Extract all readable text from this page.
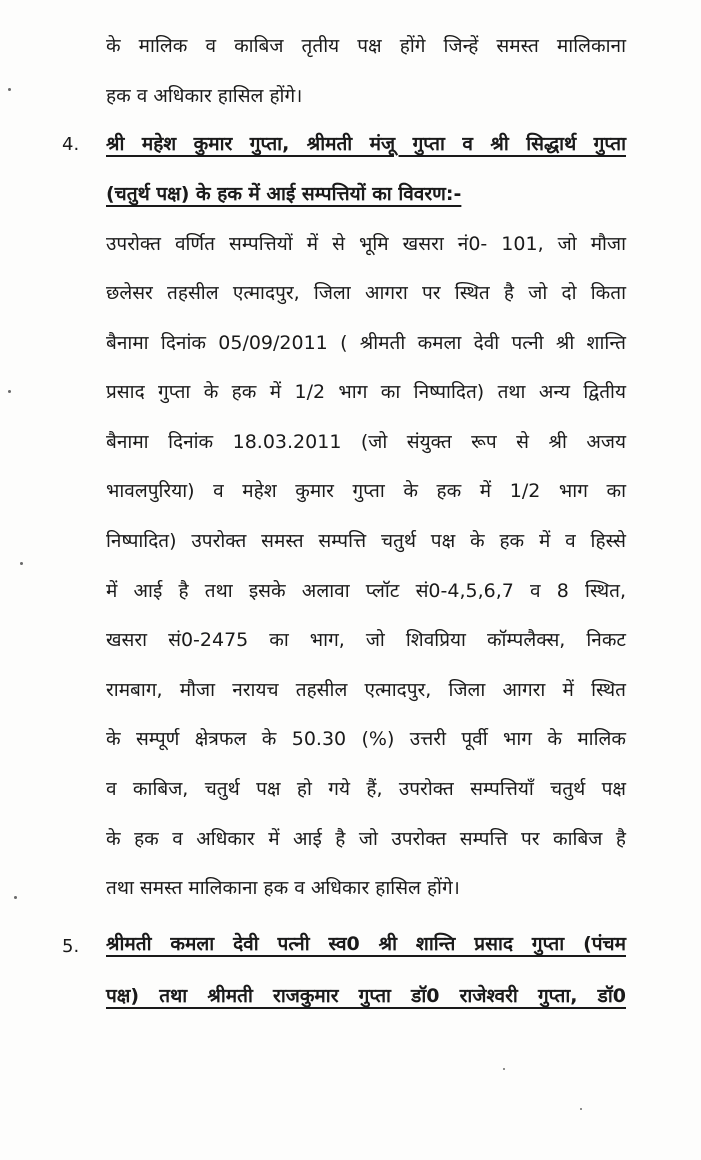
के मालिक व काबिज तृतीय पक्ष होंगे जिन्हें समस्त मालिकाना
हक व अधिकार हासिल होंगे।
4. श्री महेश कुमार गुप्ता, श्रीमती मंजू गुप्ता व श्री सिद्धार्थ गुप्ता
(चतुर्थ पक्ष) के हक में आई सम्पत्तियों का विवरण:-
उपरोक्त वर्णित सम्पत्तियों में से भूमि खसरा नं0- 101, जो मौजा
छलेसर तहसील एत्मादपुर, जिला आगरा पर स्थित है जो दो किता
बैनामा दिनांक 05/09/2011 ( श्रीमती कमला देवी पत्नी श्री शान्ति
प्रसाद गुप्ता के हक में 1/2 भाग का निष्पादित) तथा अन्य द्वितीय
बैनामा दिनांक 18.03.2011 (जो संयुक्त रूप से श्री अजय
भावलपुरिया) व महेश कुमार गुप्ता के हक में 1/2 भाग का
निष्पादित) उपरोक्त समस्त सम्पत्ति चतुर्थ पक्ष के हक में व हिस्से
में आई है तथा इसके अलावा प्लॉट सं0-4,5,6,7 व 8 स्थित,
खसरा सं0-2475 का भाग, जो शिवप्रिया कॉम्पलैक्स, निकट
रामबाग, मौजा नरायच तहसील एत्मादपुर, जिला आगरा में स्थित
के सम्पूर्ण क्षेत्रफल के 50.30 (%) उत्तरी पूर्वी भाग के मालिक
व काबिज, चतुर्थ पक्ष हो गये हैं, उपरोक्त सम्पत्तियाँ चतुर्थ पक्ष
के हक व अधिकार में आई है जो उपरोक्त सम्पत्ति पर काबिज है
तथा समस्त मालिकाना हक व अधिकार हासिल होंगे।
5. श्रीमती कमला देवी पत्नी स्व0 श्री शान्ति प्रसाद गुप्ता (पंचम
पक्ष) तथा श्रीमती राजकुमार गुप्ता डॉ0 राजेश्वरी गुप्ता, डॉ0
